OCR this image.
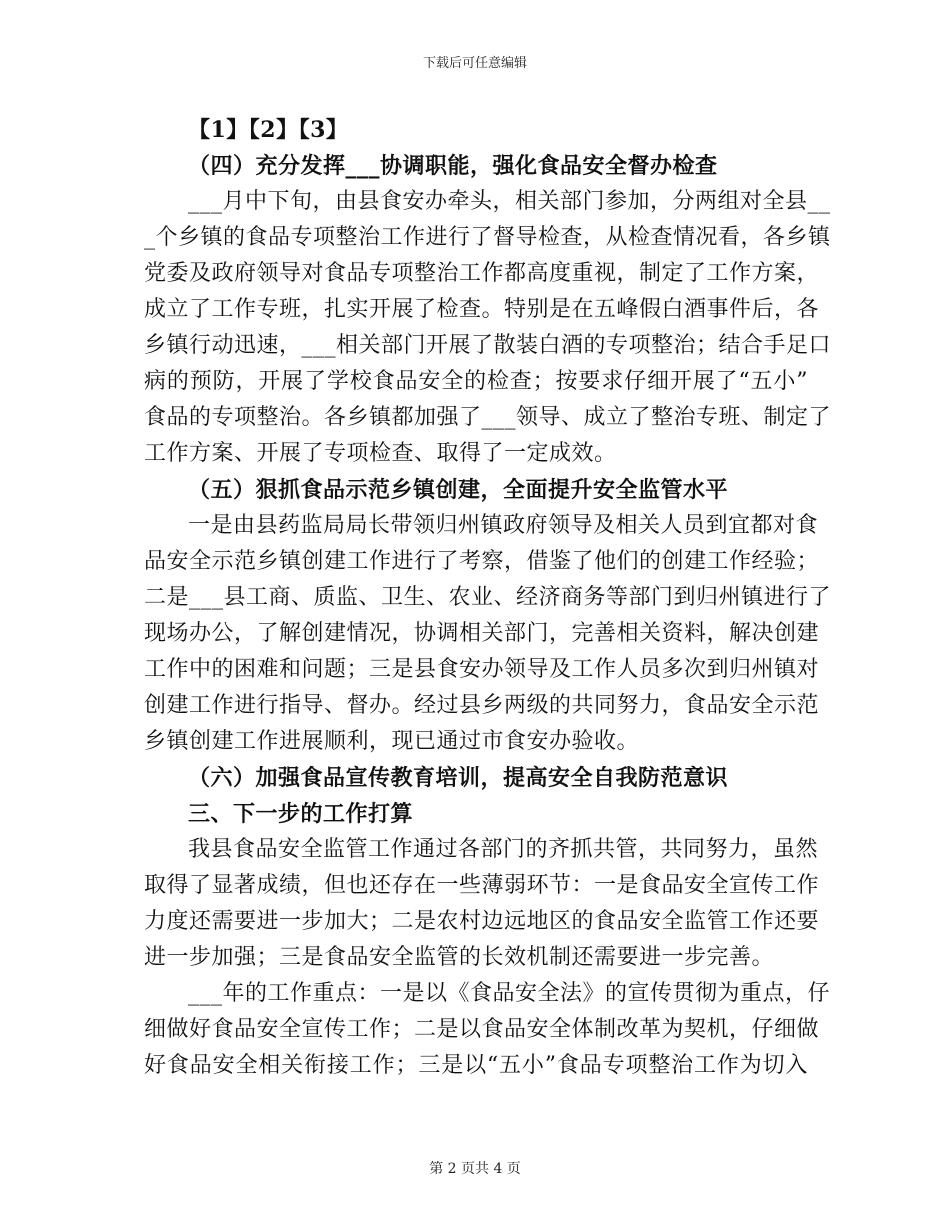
下载后可任意编辑
【1】【2】【3】
（四）充分发挥___协调职能，强化食品安全督办检查
___月中下旬，由县食安办牵头，相关部门参加，分两组对全县__
_个乡镇的食品专项整治工作进行了督导检查，从检查情况看，各乡镇
党委及政府领导对食品专项整治工作都高度重视，制定了工作方案，
成立了工作专班，扎实开展了检查。特别是在五峰假白酒事件后，各
乡镇行动迅速，___相关部门开展了散装白酒的专项整治；结合手足口
病的预防，开展了学校食品安全的检查；按要求仔细开展了“五小”
食品的专项整治。各乡镇都加强了___领导、成立了整治专班、制定了
工作方案、开展了专项检查、取得了一定成效。
（五）狠抓食品示范乡镇创建，全面提升安全监管水平
一是由县药监局局长带领归州镇政府领导及相关人员到宜都对食
品安全示范乡镇创建工作进行了考察，借鉴了他们的创建工作经验；
二是___县工商、质监、卫生、农业、经济商务等部门到归州镇进行了
现场办公，了解创建情况，协调相关部门，完善相关资料，解决创建
工作中的困难和问题；三是县食安办领导及工作人员多次到归州镇对
创建工作进行指导、督办。经过县乡两级的共同努力，食品安全示范
乡镇创建工作进展顺利，现已通过市食安办验收。
（六）加强食品宣传教育培训，提高安全自我防范意识
三、下一步的工作打算
我县食品安全监管工作通过各部门的齐抓共管，共同努力，虽然
取得了显著成绩，但也还存在一些薄弱环节：一是食品安全宣传工作
力度还需要进一步加大；二是农村边远地区的食品安全监管工作还要
进一步加强；三是食品安全监管的长效机制还需要进一步完善。
___年的工作重点：一是以《食品安全法》的宣传贯彻为重点，仔
细做好食品安全宣传工作；二是以食品安全体制改革为契机，仔细做
好食品安全相关衔接工作；三是以“五小”食品专项整治工作为切入
第 2 页共 4 页
